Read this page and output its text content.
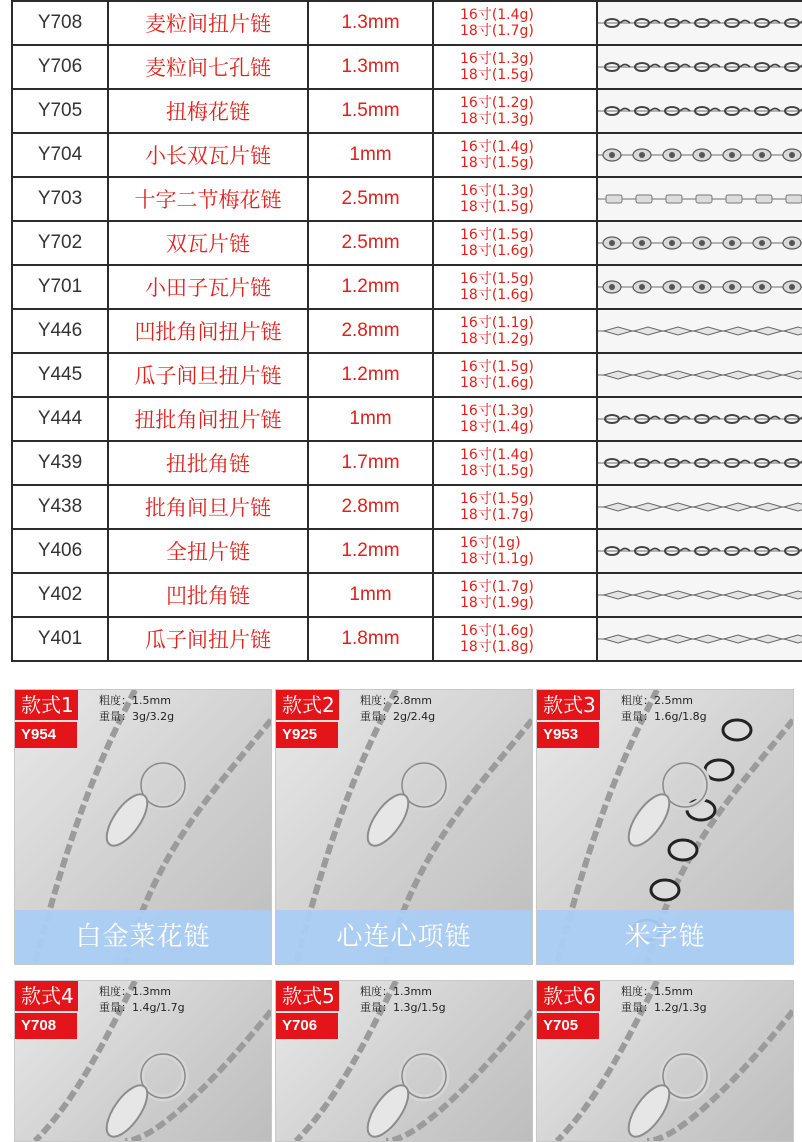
Y708	麦粒间扭片链	1.3mm	16寸(1.4g)
18寸(1.7g)

Y706	麦粒间七孔链	1.3mm	16寸(1.3g)
18寸(1.5g)

Y705	扭梅花链	1.5mm	16寸(1.2g)
18寸(1.3g)

Y704	小长双瓦片链	1mm	16寸(1.4g)
18寸(1.5g)

Y703	十字二节梅花链	2.5mm	16寸(1.3g)
18寸(1.5g)

Y702	双瓦片链	2.5mm	16寸(1.5g)
18寸(1.6g)

Y701	小田子瓦片链	1.2mm	16寸(1.5g)
18寸(1.6g)

Y446	凹批角间扭片链	2.8mm	16寸(1.1g)
18寸(1.2g)

Y445	瓜子间旦扭片链	1.2mm	16寸(1.5g)
18寸(1.6g)

Y444	扭批角间扭片链	1mm	16寸(1.3g)
18寸(1.4g)

Y439	扭批角链	1.7mm	16寸(1.4g)
18寸(1.5g)

Y438	批角间旦片链	2.8mm	16寸(1.5g)
18寸(1.7g)

Y406	全扭片链	1.2mm	16寸(1g)
18寸(1.1g)

Y402	凹批角链	1mm	16寸(1.7g)
18寸(1.9g)

Y401	瓜子间扭片链	1.8mm	16寸(1.6g)
18寸(1.8g)

款式1
Y954
粗度：1.5mm
重量：3g/3.2g
白金菜花链
款式2
Y925
粗度：2.8mm
重量：2g/2.4g
心连心项链
款式3
Y953
粗度：2.5mm
重量：1.6g/1.8g
米字链
款式4
Y708
粗度：1.3mm
重量：1.4g/1.7g	款式5
Y706
粗度：1.3mm
重量：1.3g/1.5g	款式6
Y705
粗度：1.5mm
重量：1.2g/1.3g
